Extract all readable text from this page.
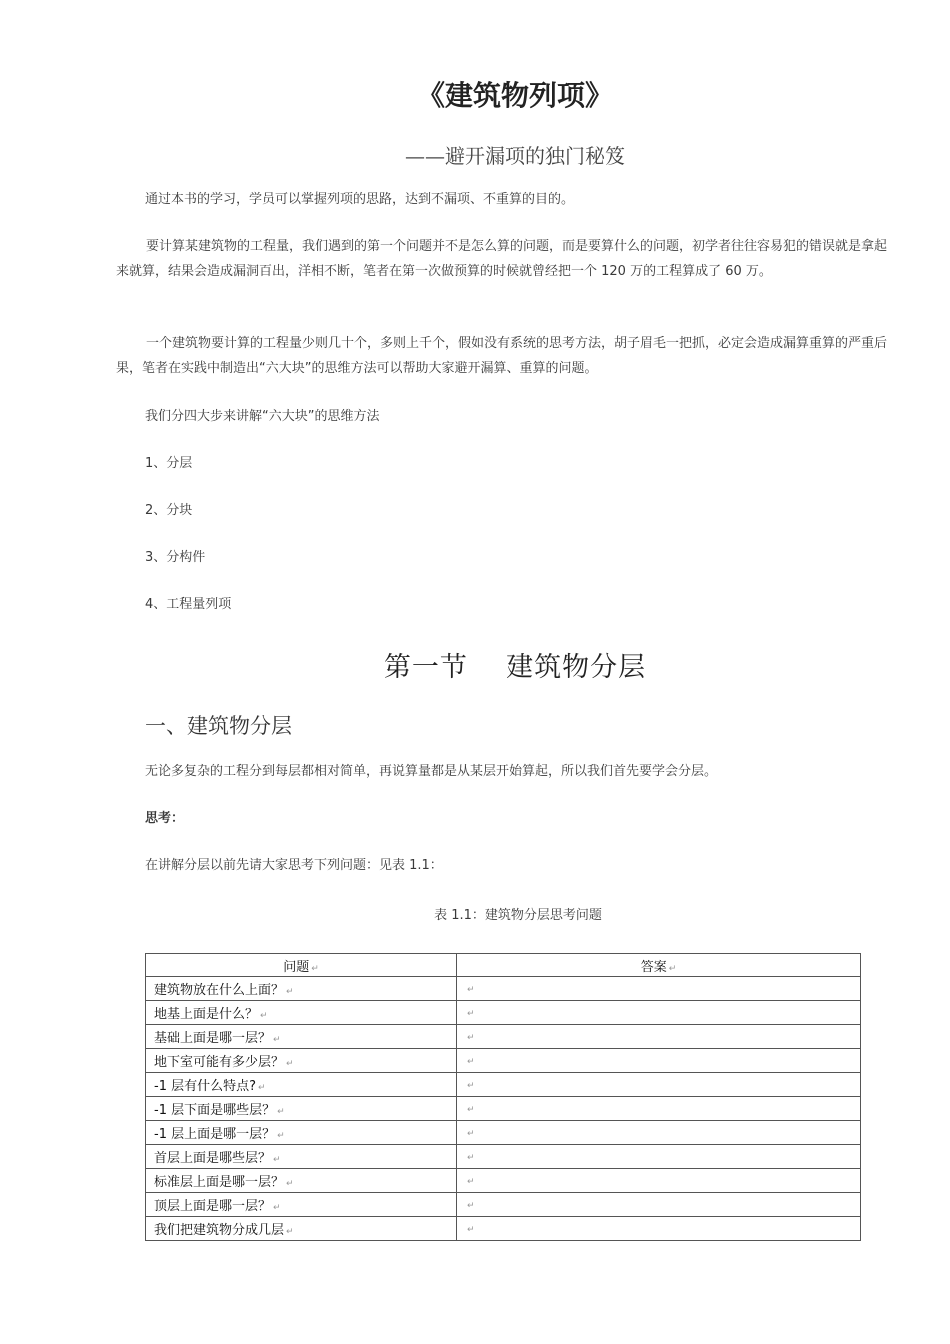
《建筑物列项》
——避开漏项的独门秘笈
通过本书的学习，学员可以掌握列项的思路，达到不漏项、不重算的目的。
要计算某建筑物的工程量，我们遇到的第一个问题并不是怎么算的问题，而是要算什么的问题，初学者往往容易犯的错误就是拿起来就算，结果会造成漏洞百出，洋相不断，笔者在第一次做预算的时候就曾经把一个 120 万的工程算成了 60 万。
一个建筑物要计算的工程量少则几十个，多则上千个，假如没有系统的思考方法，胡子眉毛一把抓，必定会造成漏算重算的严重后果，笔者在实践中制造出“六大块”的思维方法可以帮助大家避开漏算、重算的问题。
我们分四大步来讲解“六大块”的思维方法
1、分层
2、分块
3、分构件
4、工程量列项
第一节    建筑物分层
一、建筑物分层
无论多复杂的工程分到每层都相对简单，再说算量都是从某层开始算起，所以我们首先要学会分层。
思考：
在讲解分层以前先请大家思考下列问题：见表 1.1：
表 1.1：建筑物分层思考问题
问题 ↵	答案 ↵
建筑物放在什么上面？ ↵	↵
地基上面是什么？ ↵	↵
基础上面是哪一层？ ↵	↵
地下室可能有多少层？ ↵	↵
-1 层有什么特点? ↵	↵
-1 层下面是哪些层？ ↵	↵
-1 层上面是哪一层？ ↵	↵
首层上面是哪些层？ ↵	↵
标准层上面是哪一层？ ↵	↵
顶层上面是哪一层？ ↵	↵
我们把建筑物分成几层 ↵	↵
